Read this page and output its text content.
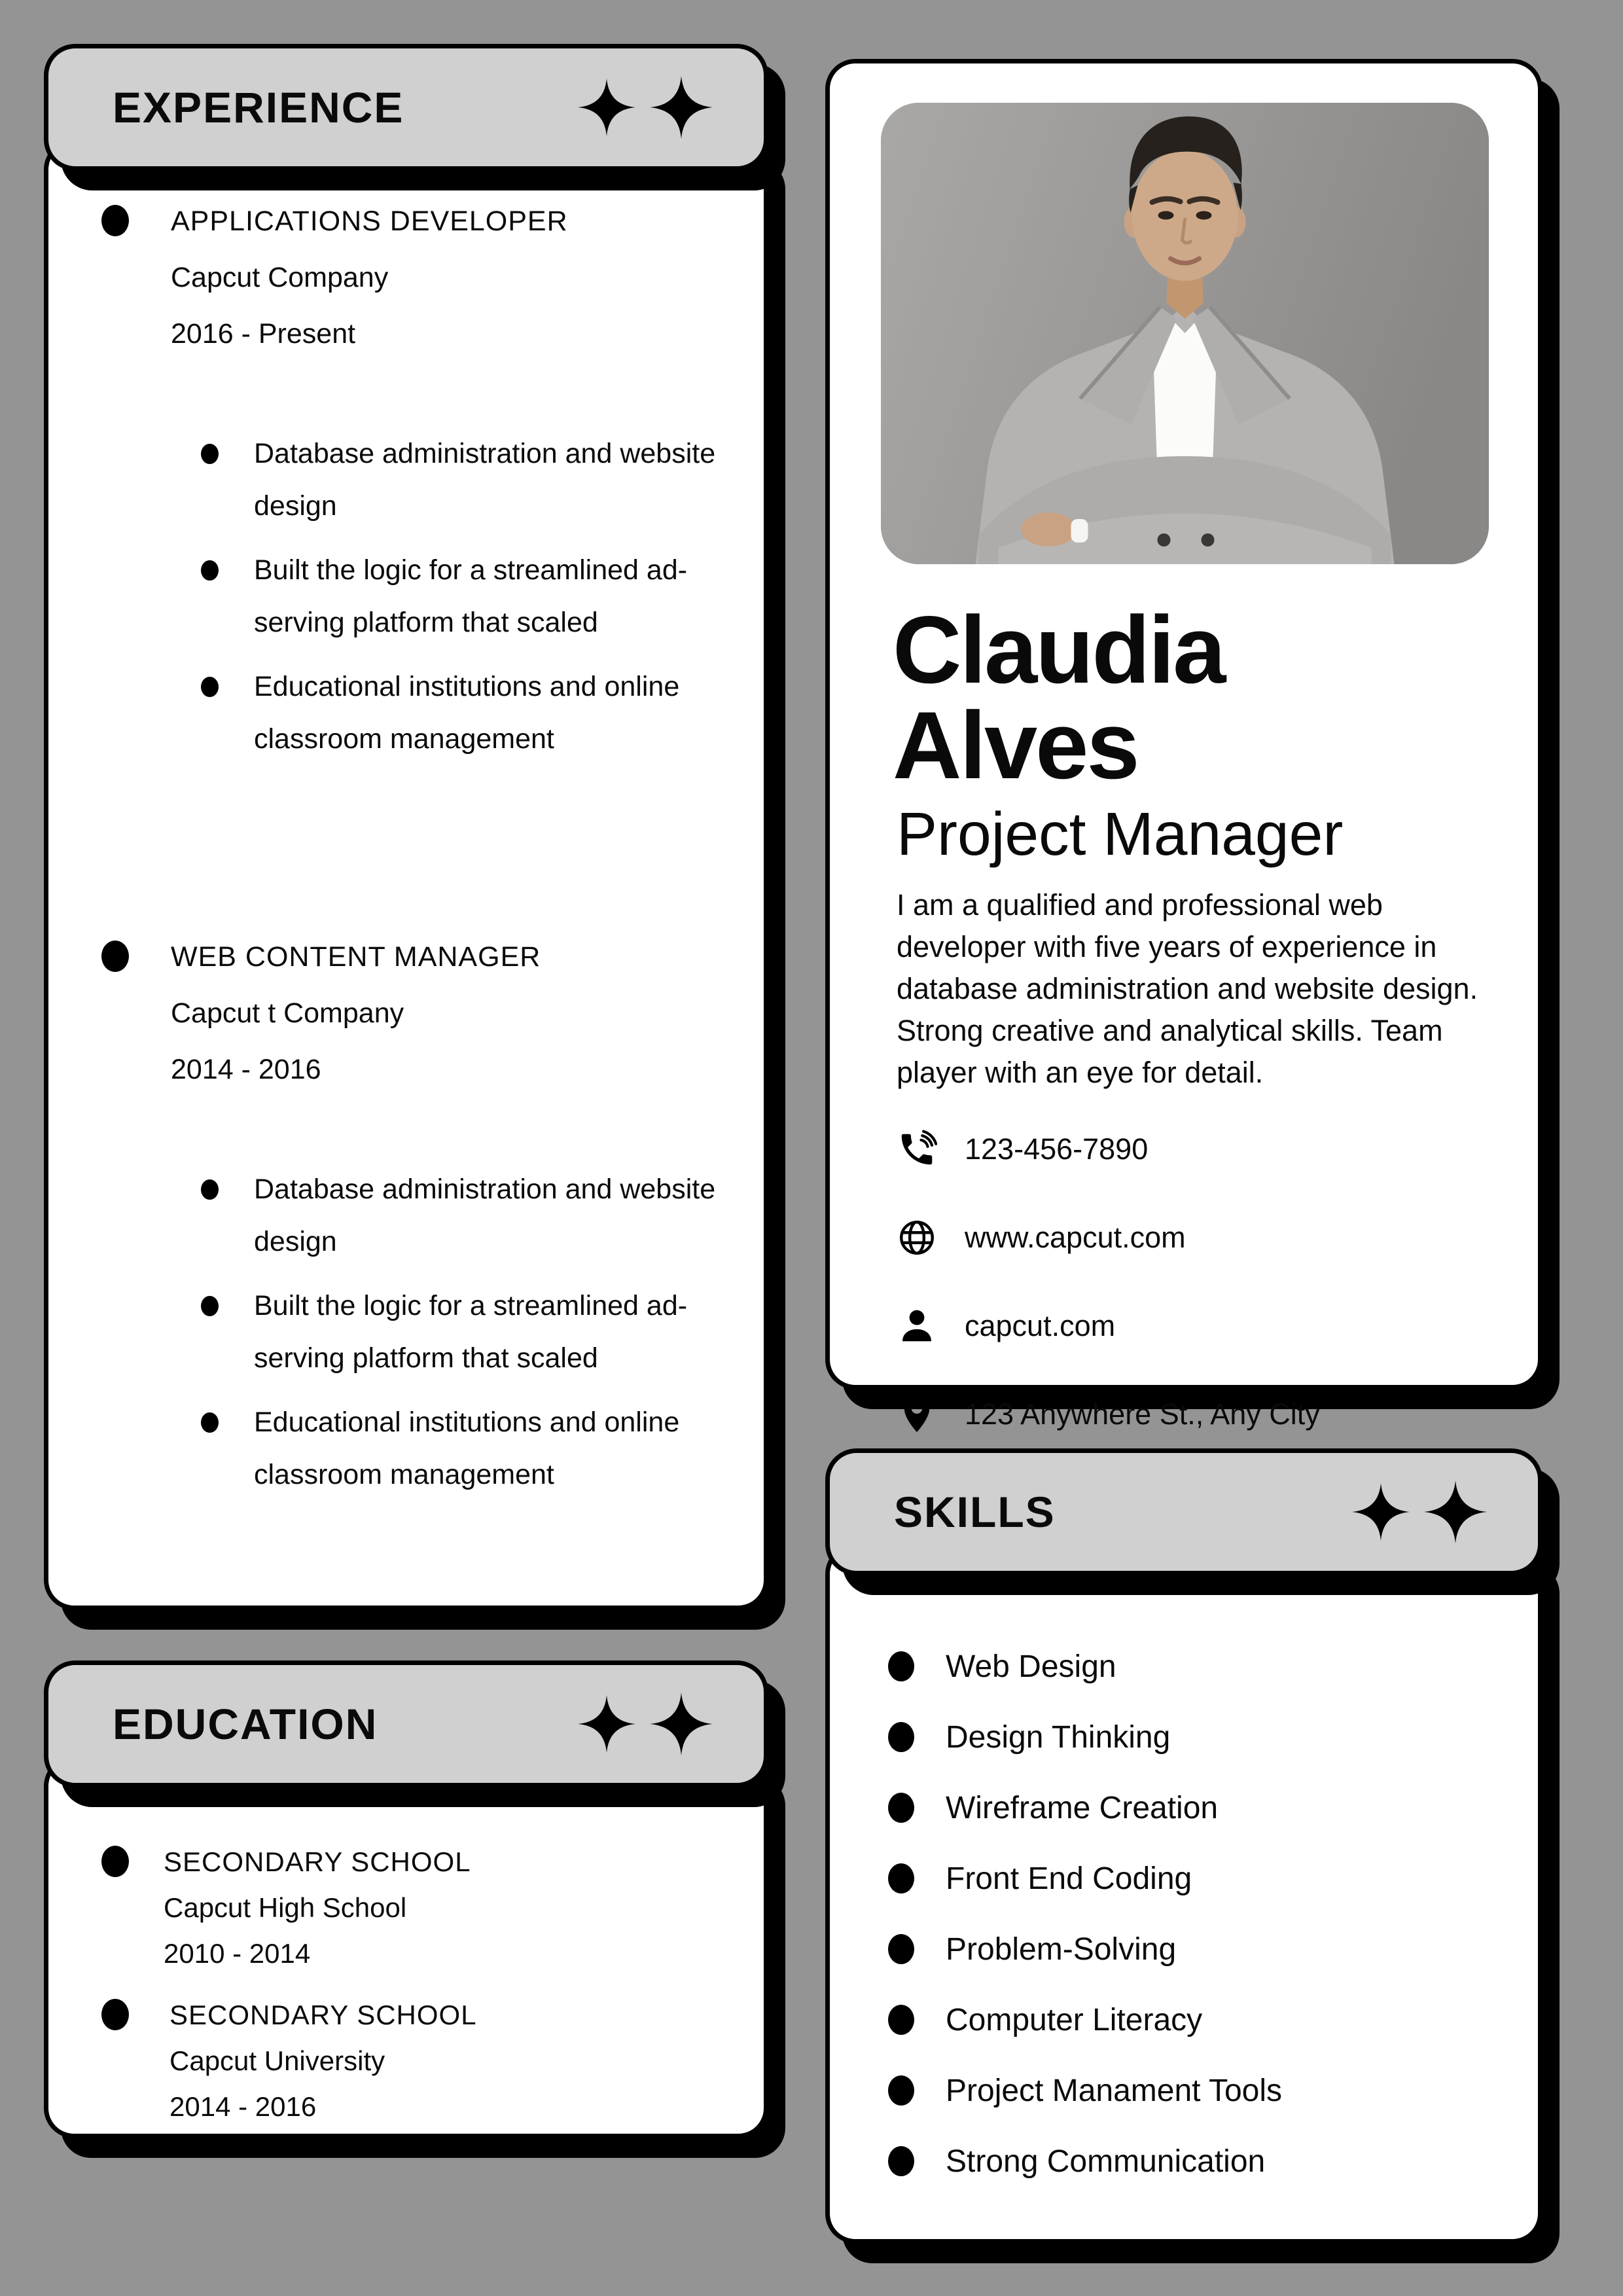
EXPERIENCE
APPLICATIONS DEVELOPER
Capcut Company
2016 - Present
Database administration and website design
Built the logic for a streamlined ad-serving platform that scaled
Educational institutions and online classroom management
WEB CONTENT MANAGER
Capcut t Company
2014 - 2016
Database administration and website design
Built the logic for a streamlined ad-serving platform that scaled
Educational institutions and online classroom management
EDUCATION
SECONDARY SCHOOL
Capcut High School
2010 - 2014
SECONDARY SCHOOL
Capcut University
2014 - 2016
Claudia Alves
Project Manager
I am a qualified and professional web developer with five years of experience in database administration and website design. Strong creative and analytical skills. Team player with an eye for detail.
123-456-7890
www.capcut.com
capcut.com
123 Anywhere St., Any City
SKILLS
Web Design
Design Thinking
Wireframe Creation
Front End Coding
Problem-Solving
Computer Literacy
Project Manament Tools
Strong Communication
